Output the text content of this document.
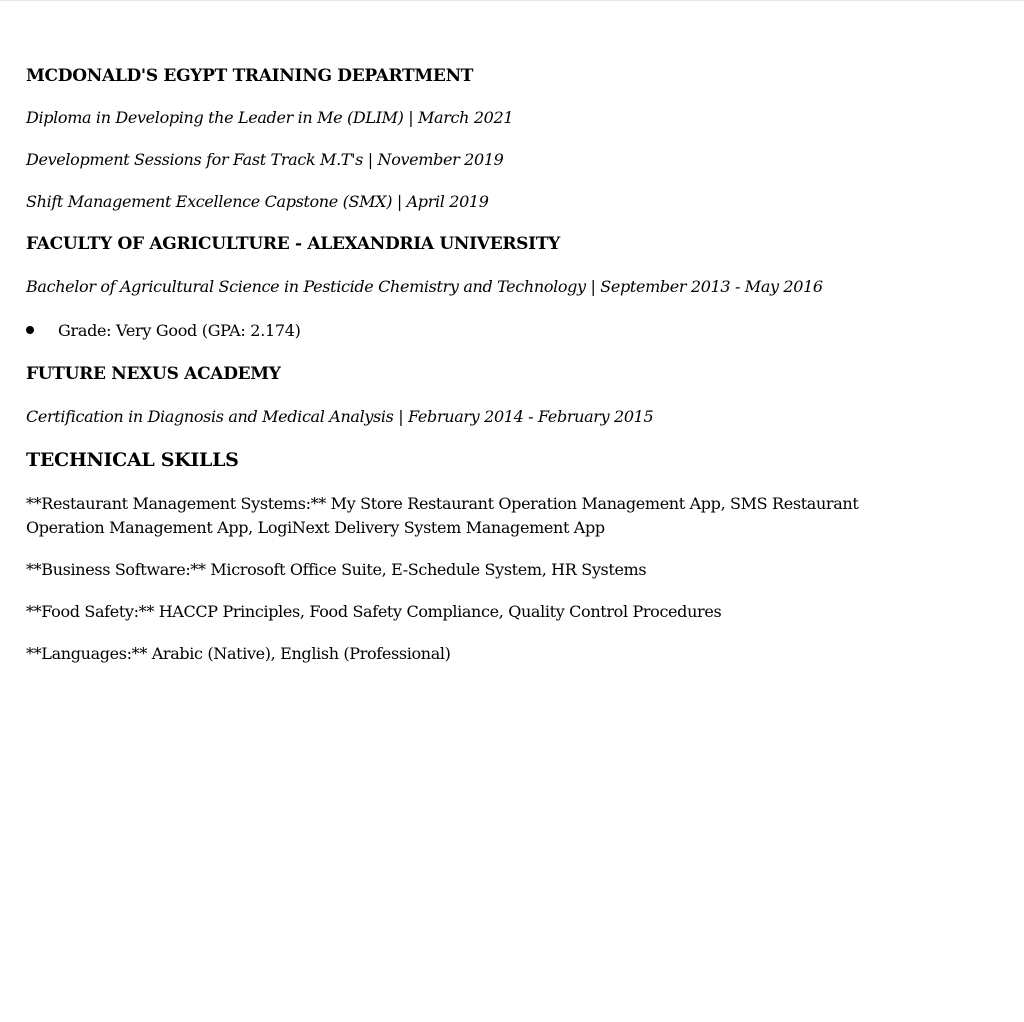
MCDONALD'S EGYPT TRAINING DEPARTMENT
Diploma in Developing the Leader in Me (DLIM) | March 2021
Development Sessions for Fast Track M.T's | November 2019
Shift Management Excellence Capstone (SMX) | April 2019
FACULTY OF AGRICULTURE - ALEXANDRIA UNIVERSITY
Bachelor of Agricultural Science in Pesticide Chemistry and Technology | September 2013 - May 2016
Grade: Very Good (GPA: 2.174)
FUTURE NEXUS ACADEMY
Certification in Diagnosis and Medical Analysis | February 2014 - February 2015
TECHNICAL SKILLS
**Restaurant Management Systems:** My Store Restaurant Operation Management App, SMS Restaurant Operation Management App, LogiNext Delivery System Management App
**Business Software:** Microsoft Office Suite, E-Schedule System, HR Systems
**Food Safety:** HACCP Principles, Food Safety Compliance, Quality Control Procedures
**Languages:** Arabic (Native), English (Professional)
